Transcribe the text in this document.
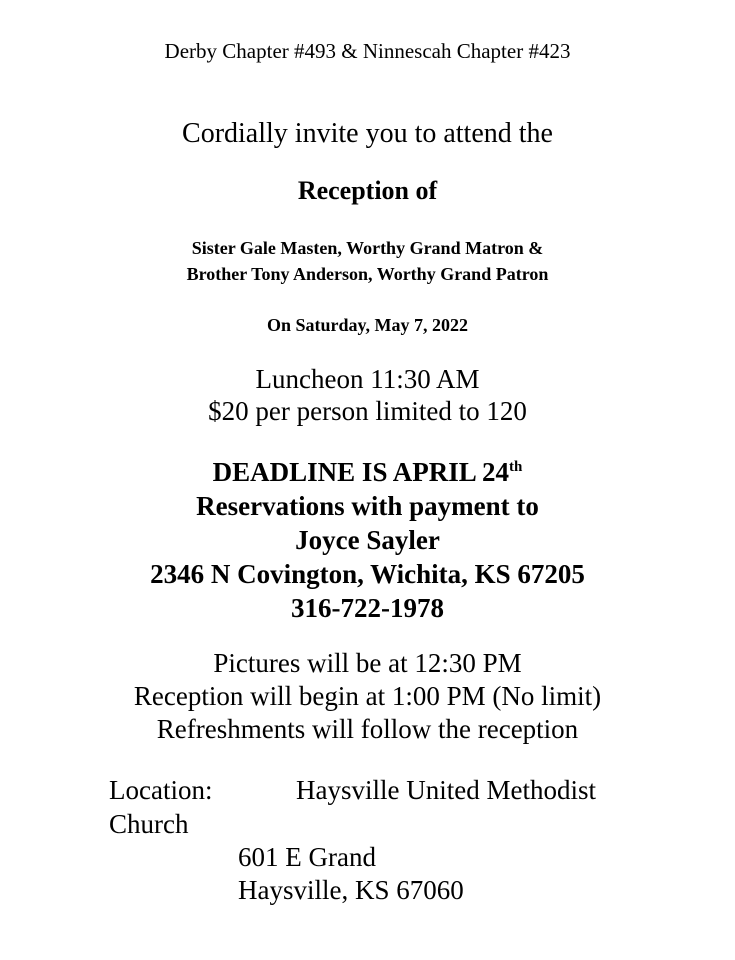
Derby Chapter #493 & Ninnescah Chapter #423
Cordially invite you to attend the
Reception of
Sister Gale Masten, Worthy Grand Matron &
Brother Tony Anderson, Worthy Grand Patron
On Saturday, May 7, 2022
Luncheon 11:30 AM
$20 per person limited to 120
DEADLINE IS APRIL 24th
Reservations with payment to
Joyce Sayler
2346 N Covington, Wichita, KS 67205
316-722-1978
Pictures will be at 12:30 PM
Reception will begin at 1:00 PM (No limit)
Refreshments will follow the reception
Location:	Haysville United Methodist
Church
601 E Grand
Haysville, KS 67060
